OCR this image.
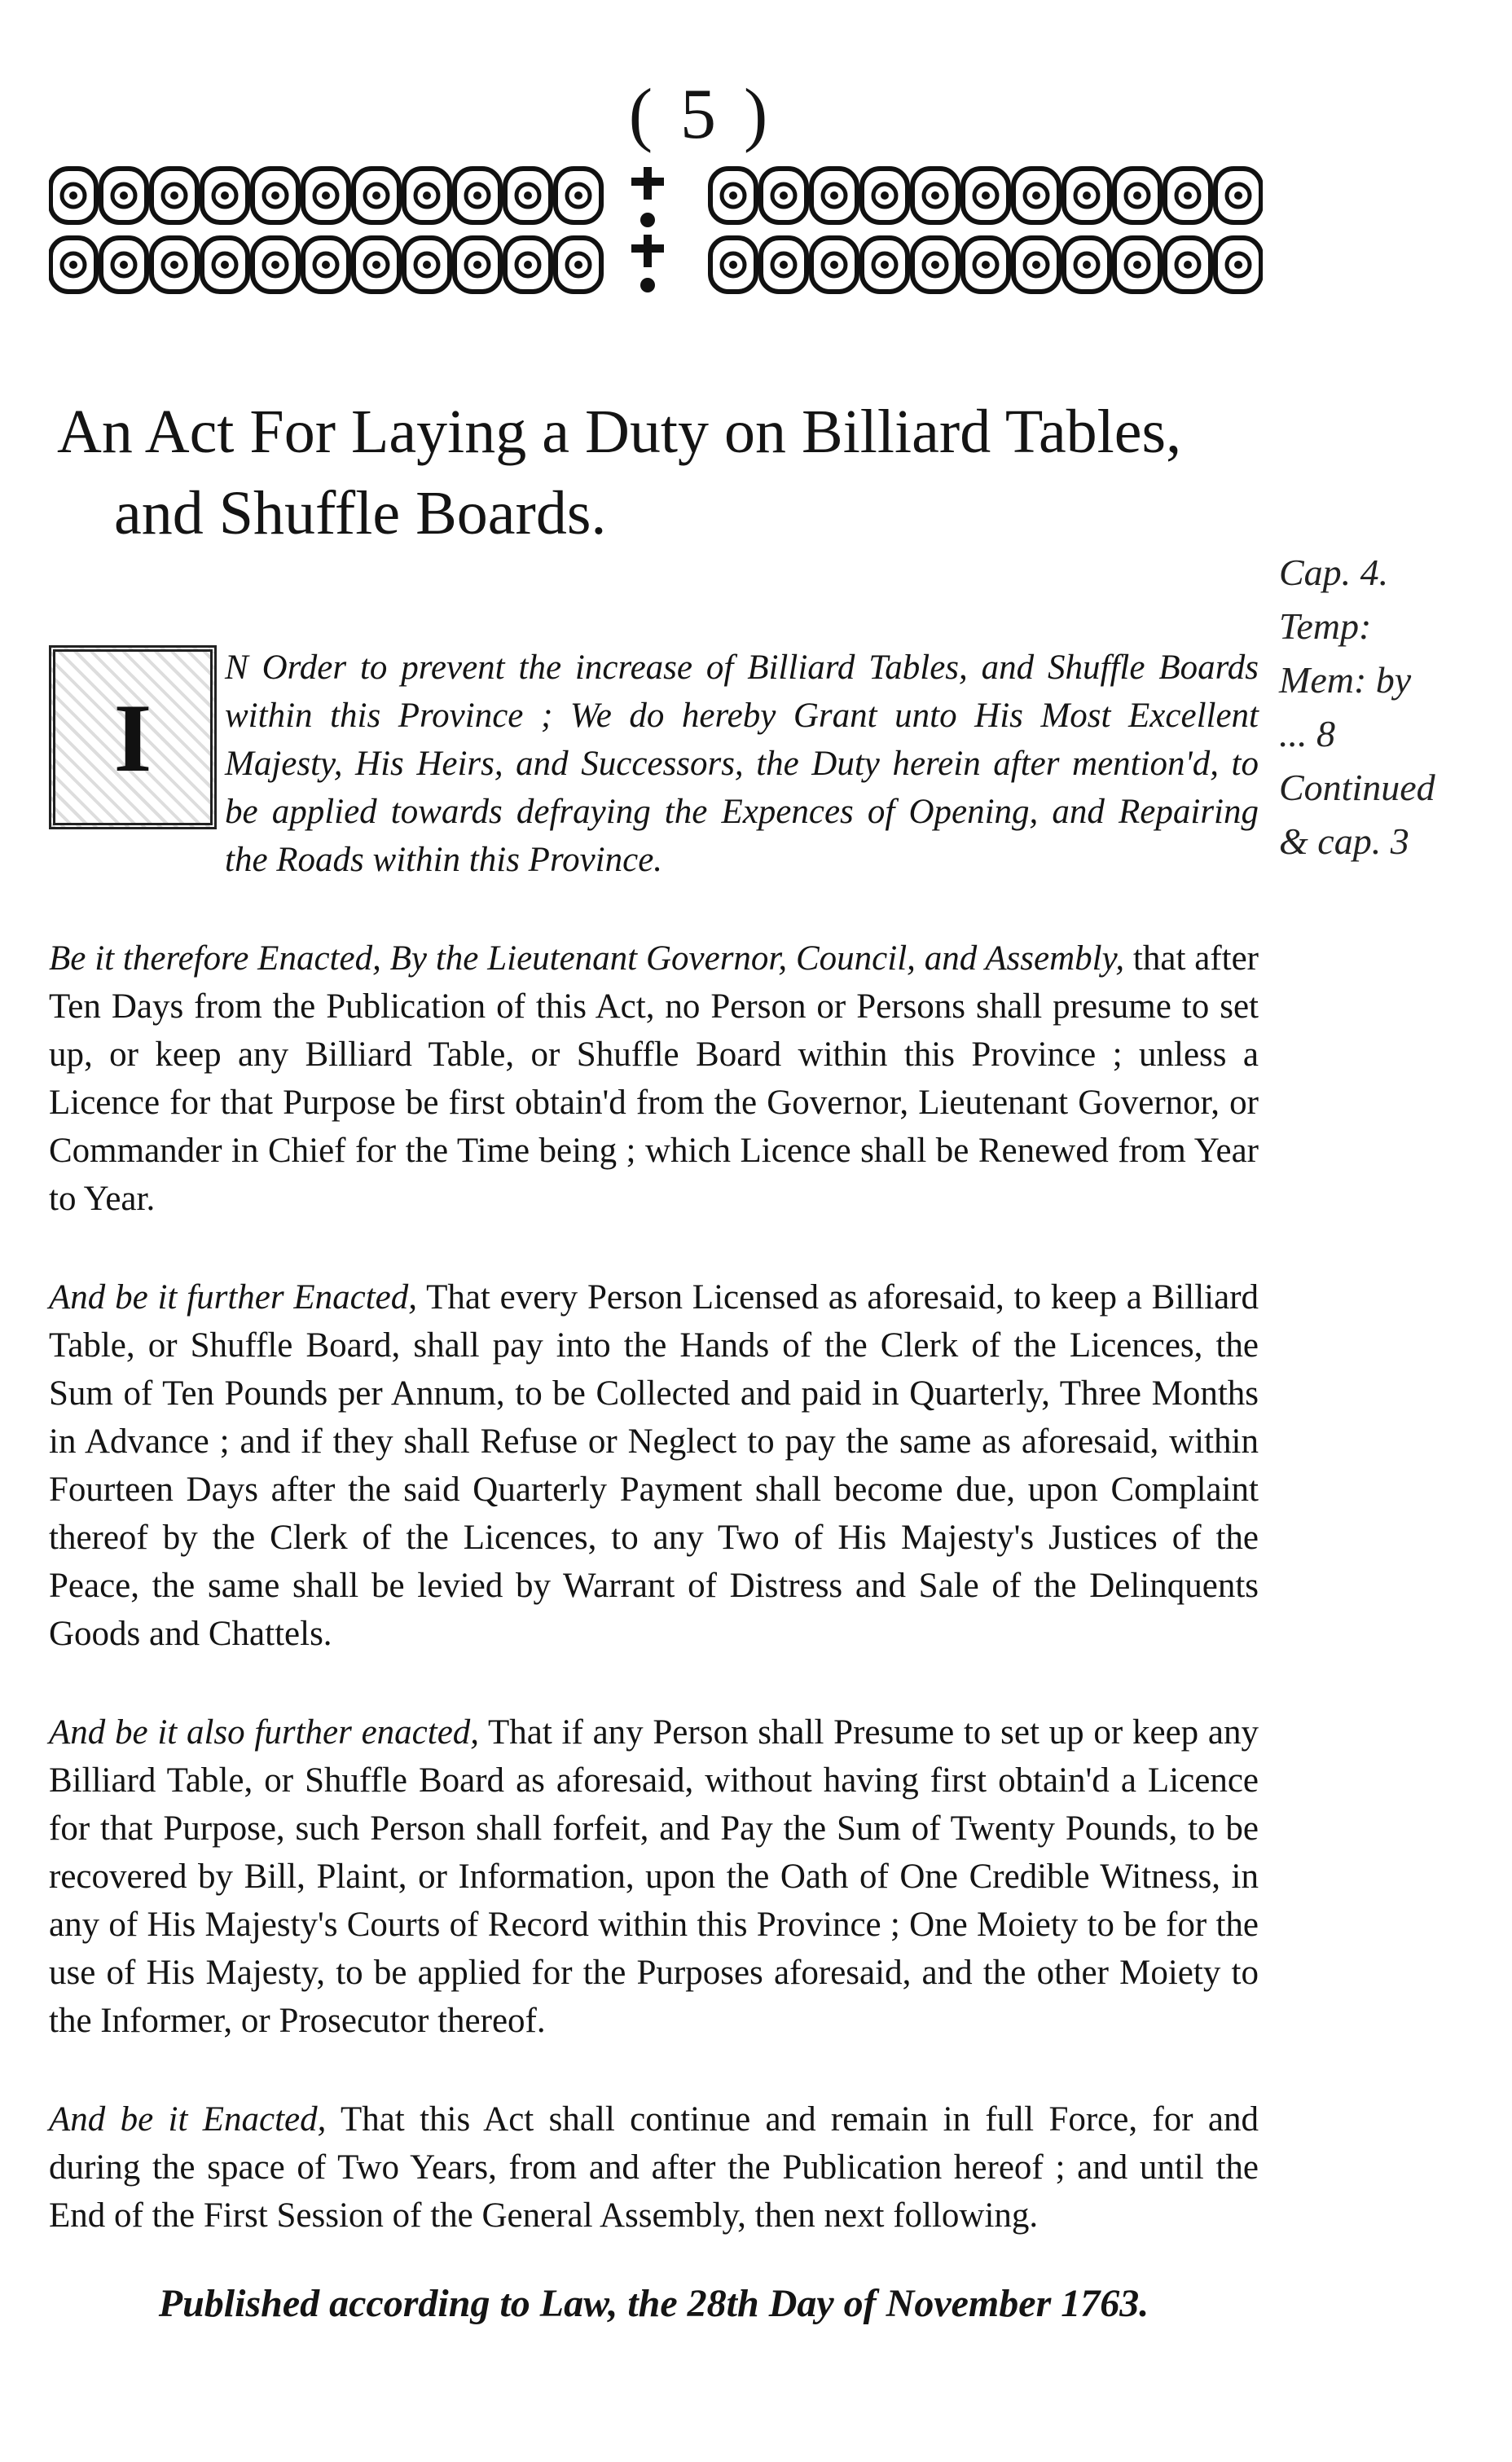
( 5 )
An Act For Laying a Duty on Billiard Tables,
and Shuffle Boards.
Cap. 4.
Temp:
Mem: by
... 8
Continued
& cap. 3
I

N Order to prevent the increase of Billiard Tables, and Shuffle Boards within this Province ; We do hereby Grant unto His Most Excellent Majesty, His Heirs, and Successors, the Duty herein after mention'd, to be applied towards defraying the Expences of Opening, and Repairing the Roads within this Province.

Be it therefore Enacted, By the Lieutenant Governor, Council, and Assembly, that after Ten Days from the Publication of this Act, no Person or Persons shall presume to set up, or keep any Billiard Table, or Shuffle Board within this Province ; unless a Licence for that Purpose be first obtain'd from the Governor, Lieutenant Governor, or Commander in Chief for the Time being ; which Licence shall be Renewed from Year to Year.

And be it further Enacted, That every Person Licensed as aforesaid, to keep a Billiard Table, or Shuffle Board, shall pay into the Hands of the Clerk of the Licences, the Sum of Ten Pounds per Annum, to be Collected and paid in Quarterly, Three Months in Advance ; and if they shall Refuse or Neglect to pay the same as aforesaid, within Fourteen Days after the said Quarterly Payment shall become due, upon Complaint thereof by the Clerk of the Licences, to any Two of His Majesty's Justices of the Peace, the same shall be levied by Warrant of Distress and Sale of the Delinquents Goods and Chattels.

And be it also further enacted, That if any Person shall Presume to set up or keep any Billiard Table, or Shuffle Board as aforesaid, without having first obtain'd a Licence for that Purpose, such Person shall forfeit, and Pay the Sum of Twenty Pounds, to be recovered by Bill, Plaint, or Information, upon the Oath of One Credible Witness, in any of His Majesty's Courts of Record within this Province ; One Moiety to be for the use of His Majesty, to be applied for the Purposes aforesaid, and the other Moiety to the Informer, or Prosecutor thereof.

And be it Enacted, That this Act shall continue and remain in full Force, for and during the space of Two Years, from and after the Publication hereof ; and until the End of the First Session of the General Assembly, then next following.

Published according to Law, the 28th Day of November 1763.
